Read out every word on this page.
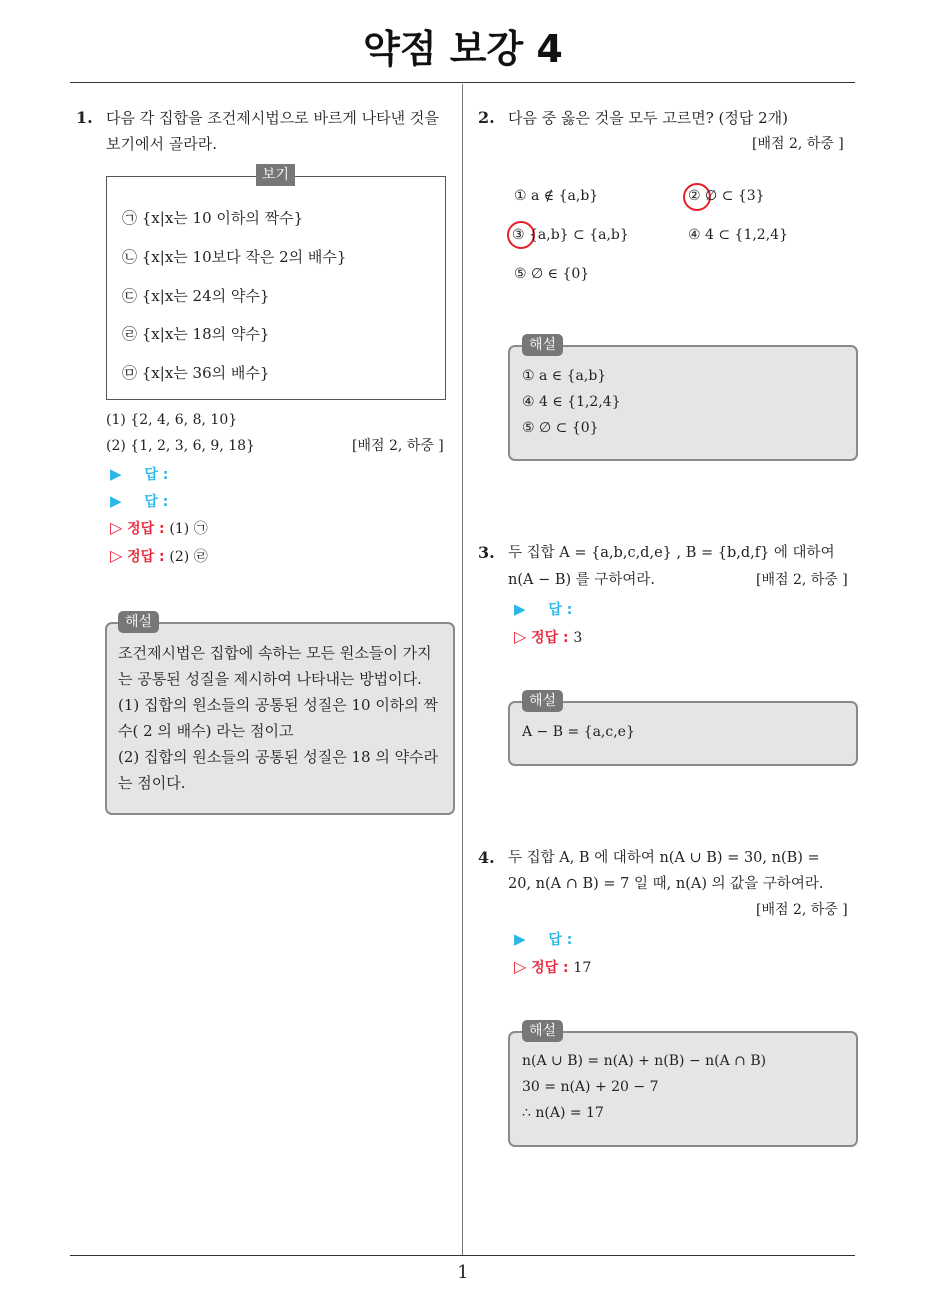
약점 보강 4
1
1. 다음 각 집합을 조건제시법으로 바르게 나타낸 것을
보기에서 골라라.
보기
㉠ {x|x는 10 이하의 짝수}
㉡ {x|x는 10보다 작은 2의 배수}
㉢ {x|x는 24의 약수}
㉣ {x|x는 18의 약수}
㉤ {x|x는 36의 배수}
(1) {2, 4, 6, 8, 10}
(2) {1, 2, 3, 6, 9, 18}	[배점 2, 하중 ]
▶ 답 :
▶ 답 :
▷ 정답 : (1) ㉠
▷ 정답 : (2) ㉣
해설
조건제시법은 집합에 속하는 모든 원소들이 가지
는 공통된 성질을 제시하여 나타내는 방법이다.
(1) 집합의 원소들의 공통된 성질은 10 이하의 짝
수( 2 의 배수) 라는 점이고
(2) 집합의 원소들의 공통된 성질은 18 의 약수라
는 점이다.
2. 다음 중 옳은 것을 모두 고르면? (정답 2개)
[배점 2, 하중 ]
① a ∉ {a,b}	② ∅ ⊂ {3}
③ {a,b} ⊂ {a,b}	④ 4 ⊂ {1,2,4}
⑤ ∅ ∈ {0}
해설
① a ∈ {a,b}
④ 4 ∈ {1,2,4}
⑤ ∅ ⊂ {0}
3. 두 집합 A = {a,b,c,d,e} , B = {b,d,f} 에 대하여
n(A − B) 를 구하여라.	[배점 2, 하중 ]
▶ 답 :
▷ 정답 : 3
해설
A − B = {a,c,e}
4. 두 집합 A, B 에 대하여 n(A ∪ B) = 30, n(B) =
20, n(A ∩ B) = 7 일 때, n(A) 의 값을 구하여라.
[배점 2, 하중 ]
▶ 답 :
▷ 정답 : 17
해설
n(A ∪ B) = n(A) + n(B) − n(A ∩ B)
30 = n(A) + 20 − 7
∴ n(A) = 17
